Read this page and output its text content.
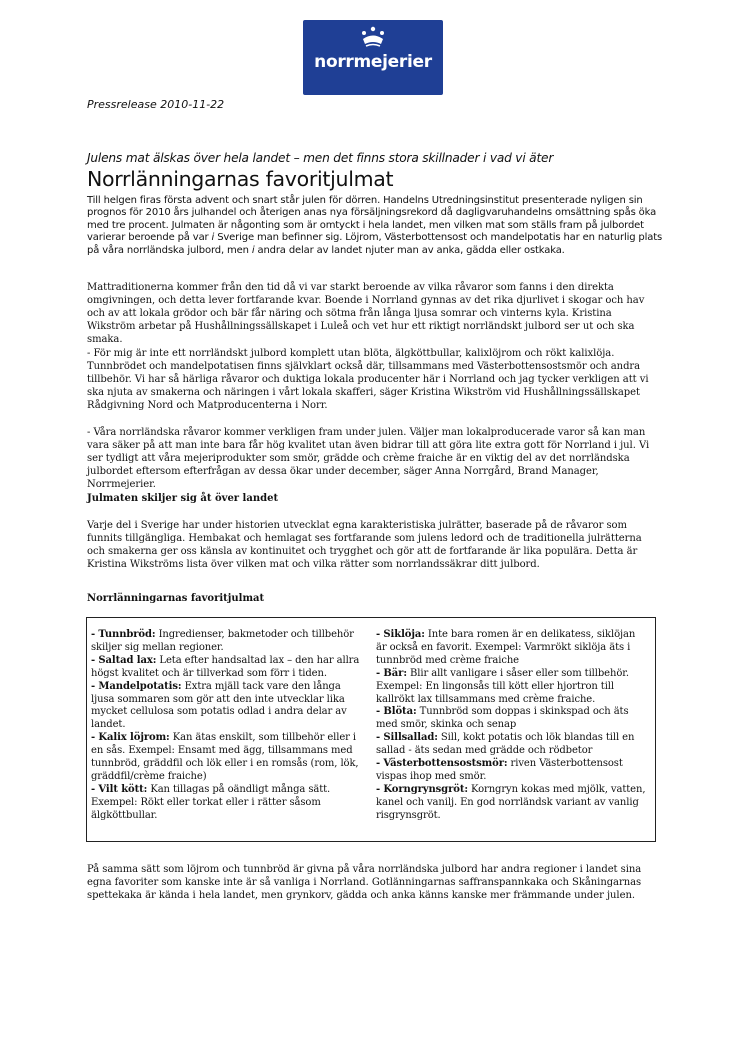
norrmejerier
Pressrelease 2010-11-22
Julens mat älskas över hela landet – men det finns stora skillnader i vad vi äter
Norrlänningarnas favoritjulmat
Till helgen firas första advent och snart står julen för dörren. Handelns Utredningsinstitut presenterade nyligen sin prognos för 2010 års julhandel och återigen anas nya försäljningsrekord då dagligvaruhandelns omsättning spås öka med tre procent. Julmaten är någonting som är omtyckt i hela landet, men vilken mat som ställs fram på julbordet varierar beroende på var i Sverige man befinner sig. Löjrom, Västerbottensost och mandelpotatis har en naturlig plats på våra norrländska julbord, men i andra delar av landet njuter man av anka, gädda eller ostkaka.
Mattraditionerna kommer från den tid då vi var starkt beroende av vilka råvaror som fanns i den direkta omgivningen, och detta lever fortfarande kvar. Boende i Norrland gynnas av det rika djurlivet i skogar och hav och av att lokala grödor och bär får näring och sötma från långa ljusa somrar och vinterns kyla. Kristina Wikström arbetar på Hushållningssällskapet i Luleå och vet hur ett riktigt norrländskt julbord ser ut och ska smaka.
- För mig är inte ett norrländskt julbord komplett utan blöta, älgköttbullar, kalixlöjrom och rökt kalixlöja. Tunnbrödet och mandelpotatisen finns självklart också där, tillsammans med Västerbottensostsmör och andra tillbehör. Vi har så härliga råvaror och duktiga lokala producenter här i Norrland och jag tycker verkligen att vi ska njuta av smakerna och näringen i vårt lokala skafferi, säger Kristina Wikström vid Hushållningssällskapet Rådgivning Nord och Matproducenterna i Norr.
- Våra norrländska råvaror kommer verkligen fram under julen. Väljer man lokalproducerade varor så kan man vara säker på att man inte bara får hög kvalitet utan även bidrar till att göra lite extra gott för Norrland i jul. Vi ser tydligt att våra mejeriprodukter som smör, grädde och crème fraiche är en viktig del av det norrländska julbordet eftersom efterfrågan av dessa ökar under december, säger Anna Norrgård, Brand Manager, Norrmejerier.
Julmaten skiljer sig åt över landet
Varje del i Sverige har under historien utvecklat egna karakteristiska julrätter, baserade på de råvaror som funnits tillgängliga. Hembakat och hemlagat ses fortfarande som julens ledord och de traditionella julrätterna och smakerna ger oss känsla av kontinuitet och trygghet och gör att de fortfarande är lika populära. Detta är Kristina Wikströms lista över vilken mat och vilka rätter som norrlandssäkrar ditt julbord.
Norrlänningarnas favoritjulmat

- Tunnbröd: Ingredienser, bakmetoder och tillbehör skiljer sig mellan regioner.

- Saltad lax: Leta efter handsaltad lax – den har allra högst kvalitet och är tillverkad som förr i tiden.

- Mandelpotatis: Extra mjäll tack vare den långa ljusa sommaren som gör att den inte utvecklar lika mycket cellulosa som potatis odlad i andra delar av landet.

- Kalix löjrom: Kan ätas enskilt, som tillbehör eller i en sås. Exempel: Ensamt med ägg, tillsammans med tunnbröd, gräddfil och lök eller i en romsås (rom, lök, gräddfil/crème fraiche)

- Vilt kött: Kan tillagas på oändligt många sätt. Exempel: Rökt eller torkat eller i rätter såsom älgköttbullar.

- Siklöja: Inte bara romen är en delikatess, siklöjan är också en favorit. Exempel: Varmrökt siklöja äts i tunnbröd med crème fraiche

- Bär: Blir allt vanligare i såser eller som tillbehör. Exempel: En lingonsås till kött eller hjortron till kallrökt lax tillsammans med crème fraiche.

- Blöta: Tunnbröd som doppas i skinkspad och äts med smör, skinka och senap

- Sillsallad: Sill, kokt potatis och lök blandas till en sallad - äts sedan med grädde och rödbetor

- Västerbottensostsmör: riven Västerbottensost vispas ihop med smör.

- Korngrynsgröt: Korngryn kokas med mjölk, vatten, kanel och vanilj. En god norrländsk variant av vanlig risgrynsgröt.

På samma sätt som löjrom och tunnbröd är givna på våra norrländska julbord har andra regioner i landet sina egna favoriter som kanske inte är så vanliga i Norrland. Gotlänningarnas saffranspannkaka och Skåningarnas spettekaka är kända i hela landet, men grynkorv, gädda och anka känns kanske mer främmande under julen.
